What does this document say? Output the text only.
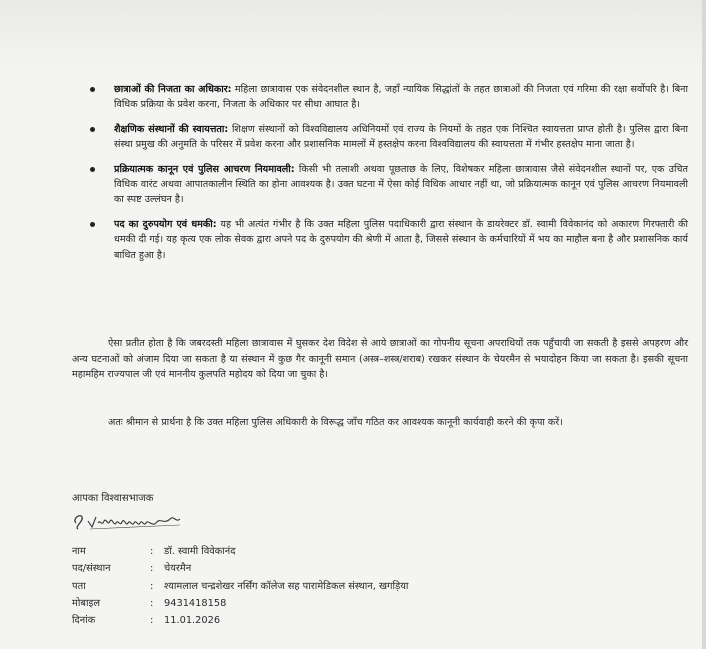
छात्राओं की निजता का अधिकार: महिला छात्रावास एक संवेदनशील स्थान है, जहाँ न्यायिक सिद्धांतों के तहत छात्राओं की निजता एवं गरिमा की रक्षा सर्वोपरि है। बिना विधिक प्रक्रिया के प्रवेश करना, निजता के अधिकार पर सीधा आघात है।
शैक्षणिक संस्थानों की स्वायत्तता: शिक्षण संस्थानों को विश्वविद्यालय अधिनियमों एवं राज्य के नियमों के तहत एक निश्चित स्वायत्तता प्राप्त होती है। पुलिस द्वारा बिना संस्था प्रमुख की अनुमति के परिसर में प्रवेश करना और प्रशासनिक मामलों में हस्तक्षेप करना विश्वविद्यालय की स्वायत्तता में गंभीर हस्तक्षेप माना जाता है।
प्रक्रियात्मक कानून एवं पुलिस आचरण नियमावली: किसी भी तलाशी अथवा पूछताछ के लिए, विशेषकर महिला छात्रावास जैसे संवेदनशील स्थानों पर, एक उचित विधिक वारंट अथवा आपातकालीन स्थिति का होना आवश्यक है। उक्त घटना में ऐसा कोई विधिक आधार नहीं था, जो प्रक्रियात्मक कानून एवं पुलिस आचरण नियमावली का स्पष्ट उल्लंघन है।
पद का दुरुपयोग एवं धमकी: यह भी अत्यंत गंभीर है कि उक्त महिला पुलिस पदाधिकारी द्वारा संस्थान के डायरेक्टर डॉ. स्वामी विवेकानंद को अकारण गिरफ्तारी की धमकी दी गई। यह कृत्य एक लोक सेवक द्वारा अपने पद के दुरुपयोग की श्रेणी में आता है, जिससे संस्थान के कर्मचारियों में भय का माहौल बना है और प्रशासनिक कार्य बाधित हुआ है।
ऐसा प्रतीत होता है कि जबरदस्ती महिला छात्रावास में घुसकर देश विदेश से आये छात्राओं का गोपनीय सूचना अपराधियों तक पहुँचायी जा सकती है इससे अपहरण और अन्य घटनाओं को अंजाम दिया जा सकता है या संस्थान में कुछ गैर कानूनी समान (अस्त्र–शस्त्र/शराब) रखकर संस्थान के चेयरमैन से भयादोहन किया जा सकता है। इसकी सूचना महामहिम राज्यपाल जी एवं माननीय कुलपति महोदय को दिया जा चुका है।
अतः श्रीमान से प्रार्थना है कि उक्त महिला पुलिस अधिकारी के विरूद्ध जाँच गठित कर आवश्यक कानूनी कार्यवाही करने की कृपा करें।
आपका विश्वासभाजक
नाम	:	डॉ. स्वामी विवेकानंद
पद/संस्थान	:	चेयरमैन
पता	:	श्यामलाल चन्द्रशेखर नर्सिंग कॉलेज सह पारामेडिकल संस्थान, खगड़िया
मोबाइल	:	9431418158
दिनांक	:	11.01.2026
